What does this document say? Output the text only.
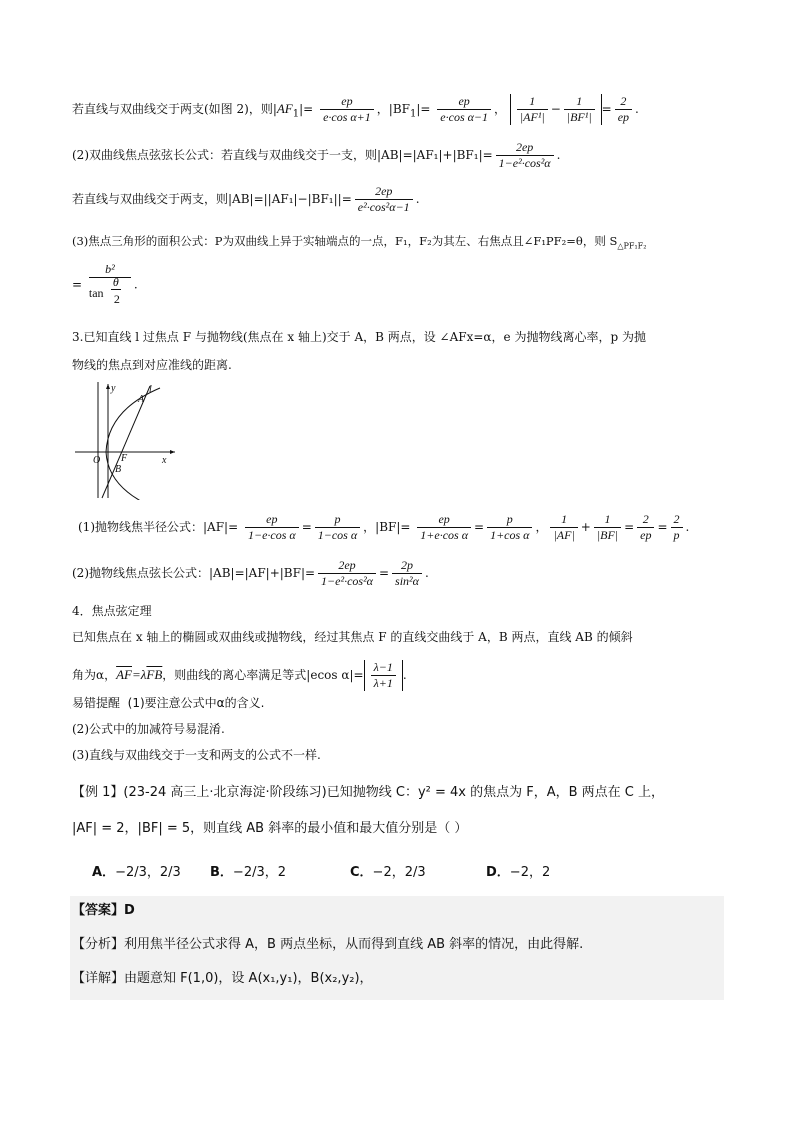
若直线与双曲线交于两支(如图 2)，则$|AF_1|= \frac{ep}{\text{e·cos α+1}}$ ，$|BF_1|= \frac{ep}{\text{e·cos α−1}}$ ， $\frac{1}{\text{|AF¹|}} - \frac{1}{\text{|BF¹|}} = \frac{2}{ep}$ .
(2)双曲线焦点弦弦长公式：若直线与双曲线交于一支，则$|AB|=|AF_1|+|BF_1|= \frac{2ep}{\text{1−e²·cos²α}}$ .
若直线与双曲线交于两支，则$|AB|=||AF_1|-|BF_1||= \frac{2ep}{\text{e²·cos²α−1}}$ .
(3)焦点三角形的面积公式：P为双曲线上异于实轴端点的一点，F₁，F₂为其左、右焦点且∠F₁PF₂=θ，则 $S_{\triangle PF_1F_2}$
= b²
θ
tan 2 .
3.已知直线 l 过焦点 F 与抛物线(焦点在 x 轴上)交于 A，B 两点，设 ∠AFx=α，e 为抛物线离心率，p 为抛
物线的焦点到对应准线的距离.
y	l
A
O F
B
x
(1)抛物线焦半径公式：$|AF|= \frac{ep}{\text{1−e·cos α}} = \frac{p}{\text{1−cos α}}$ ，$|BF|= \frac{ep}{\text{1+e·cos α}} = \frac{p}{\text{1+cos α}}$ ， $\frac{1}{|AF|} + \frac{1}{|BF|} = \frac{2}{ep} = \frac{2}{p}$ .
(2)抛物线焦点弦长公式：$|AB|=|AF|+|BF|= \frac{2ep}{\text{1−e²·cos²α}} = \frac{2p}{\text{sin²α}}$ .
4．焦点弦定理
已知焦点在 x 轴上的椭圆或双曲线或抛物线，经过其焦点 F 的直线交曲线于 A，B 两点，直线 AB 的倾斜
角为α，$\overline{AF}=\lambda\overline{FB}$，则曲线的离心率满足等式|ecos $\alpha|= \frac{\lambda-1}{\lambda+1}$ .
易错提醒 (1)要注意公式中α的含义.
(2)公式中的加减符号易混淆.
(3)直线与双曲线交于一支和两支的公式不一样.
【例 1】(23-24 高三上·北京海淀·阶段练习)已知抛物线 C：y² = 4x 的焦点为 F，A，B 两点在 C 上，
|AF| = 2，|BF| = 5，则直线 AB 斜率的最小值和最大值分别是（ ）
A．−2/3，2/3 B．−2/3，2	C．−2，2/3	D．−2，2
【答案】D
【分析】利用焦半径公式求得 A，B 两点坐标，从而得到直线 AB 斜率的情况，由此得解.
【详解】由题意知 F(1,0)，设 A(x₁,y₁)，B(x₂,y₂)，
